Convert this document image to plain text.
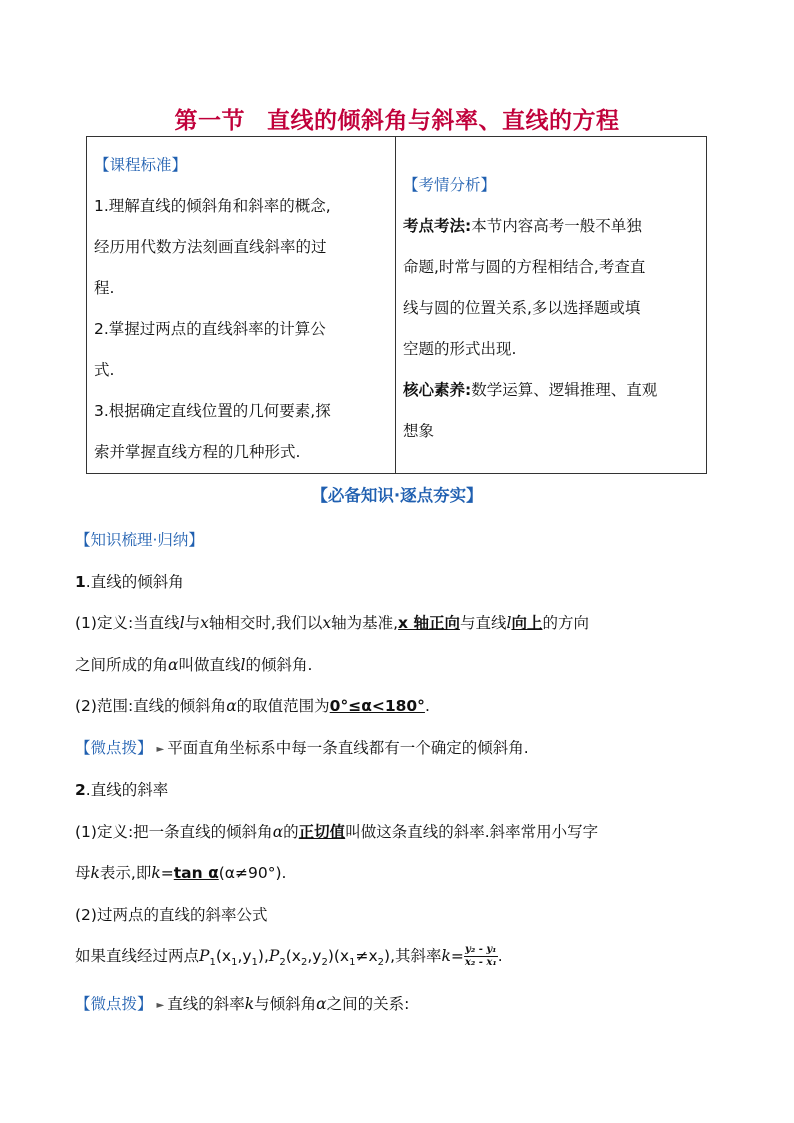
第一节 直线的倾斜角与斜率、直线的方程
【课程标准】
1.理解直线的倾斜角和斜率的概念,
经历用代数方法刻画直线斜率的过
程.
2.掌握过两点的直线斜率的计算公
式.
3.根据确定直线位置的几何要素,探
索并掌握直线方程的几种形式.

【考情分析】
考点考法:本节内容高考一般不单独
命题,时常与圆的方程相结合,考查直
线与圆的位置关系,多以选择题或填
空题的形式出现.
核心素养:数学运算、逻辑推理、直观
想象
【必备知识·逐点夯实】

【知识梳理·归纳】

1.直线的倾斜角

(1)定义:当直线l与x轴相交时,我们以x轴为基准,x 轴正向与直线l向上的方向

之间所成的角α叫做直线l的倾斜角.

(2)范围:直线的倾斜角α的取值范围为0°≤α<180°.

【微点拨】 ► 平面直角坐标系中每一条直线都有一个确定的倾斜角.

2.直线的斜率

(1)定义:把一条直线的倾斜角α的正切值叫做这条直线的斜率.斜率常用小写字

母k表示,即k=tan α(α≠90°).

(2)过两点的直线的斜率公式

如果直线经过两点$P_1(x_1,y_1),P_2(x_2,y_2)(x_1\ne x_2)$,其斜率$k= \frac{\text{y₂ - y₁}}{\text{x₂ - x₁}}$ .

【微点拨】 ► 直线的斜率k与倾斜角α之间的关系:
